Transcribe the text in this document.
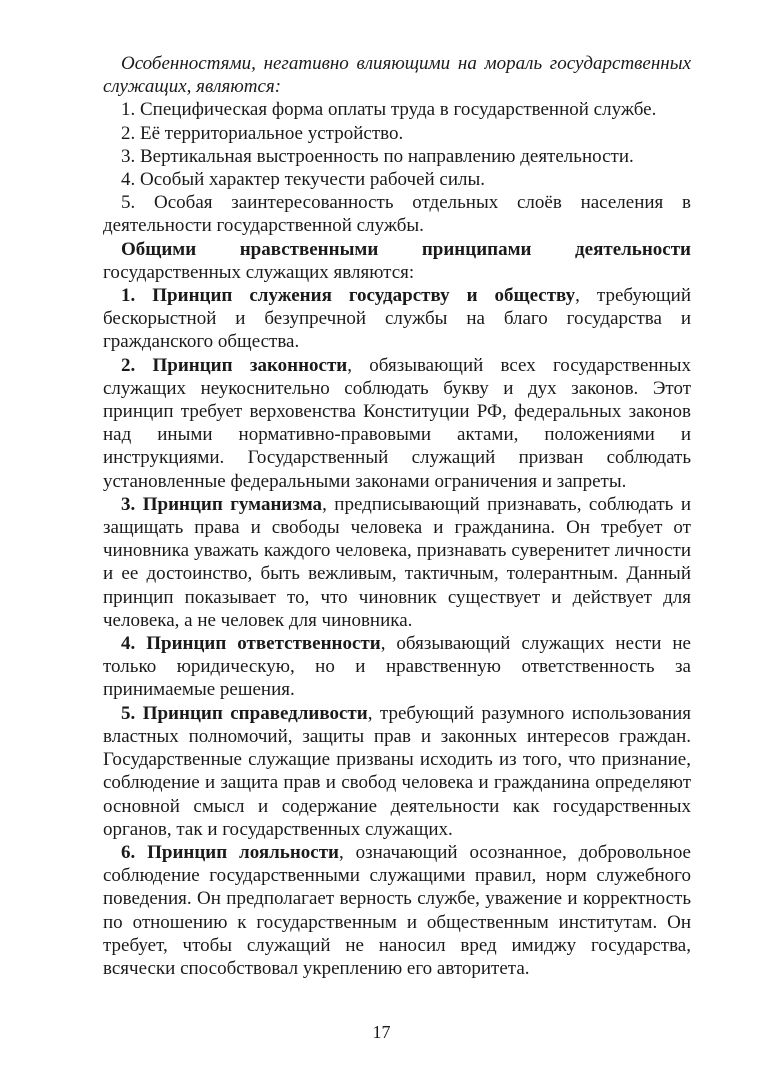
Особенностями, негативно влияющими на мораль государственных служащих, являются:

1. Специфическая форма оплаты труда в государственной службе.

2. Её территориальное устройство.

3. Вертикальная выстроенность по направлению деятельности.

4. Особый характер текучести рабочей силы.

5. Особая заинтересованность отдельных слоёв населения в деятельности государственной службы.

Общими нравственными принципами деятельности государственных служащих являются:

1. Принцип служения государству и обществу, требующий бескорыстной и безупречной службы на благо государства и гражданского общества.

2. Принцип законности, обязывающий всех государственных служащих неукоснительно соблюдать букву и дух законов. Этот принцип требует верховенства Конституции РФ, федеральных законов над иными нормативно-правовыми актами, положениями и инструкциями. Государственный служащий призван соблюдать установленные федеральными законами ограничения и запреты.

3. Принцип гуманизма, предписывающий признавать, соблюдать и защищать права и свободы человека и гражданина. Он требует от чиновника уважать каждого человека, признавать суверенитет личности и ее достоинство, быть вежливым, тактичным, толерантным. Данный принцип показывает то, что чиновник существует и действует для человека, а не человек для чиновника.

4. Принцип ответственности, обязывающий служащих нести не только юридическую, но и нравственную ответственность за принимаемые решения.

5. Принцип справедливости, требующий разумного использования властных полномочий, защиты прав и законных интересов граждан. Государственные служащие призваны исходить из того, что признание, соблюдение и защита прав и свобод человека и гражданина определяют основной смысл и содержание деятельности как государственных органов, так и государственных служащих.

6. Принцип лояльности, означающий осознанное, добровольное соблюдение государственными служащими правил, норм служебного поведения. Он предполагает верность службе, уважение и корректность по отношению к государственным и общественным институтам. Он требует, чтобы служащий не наносил вред имиджу государства, всячески способствовал укреплению его авторитета.

17
